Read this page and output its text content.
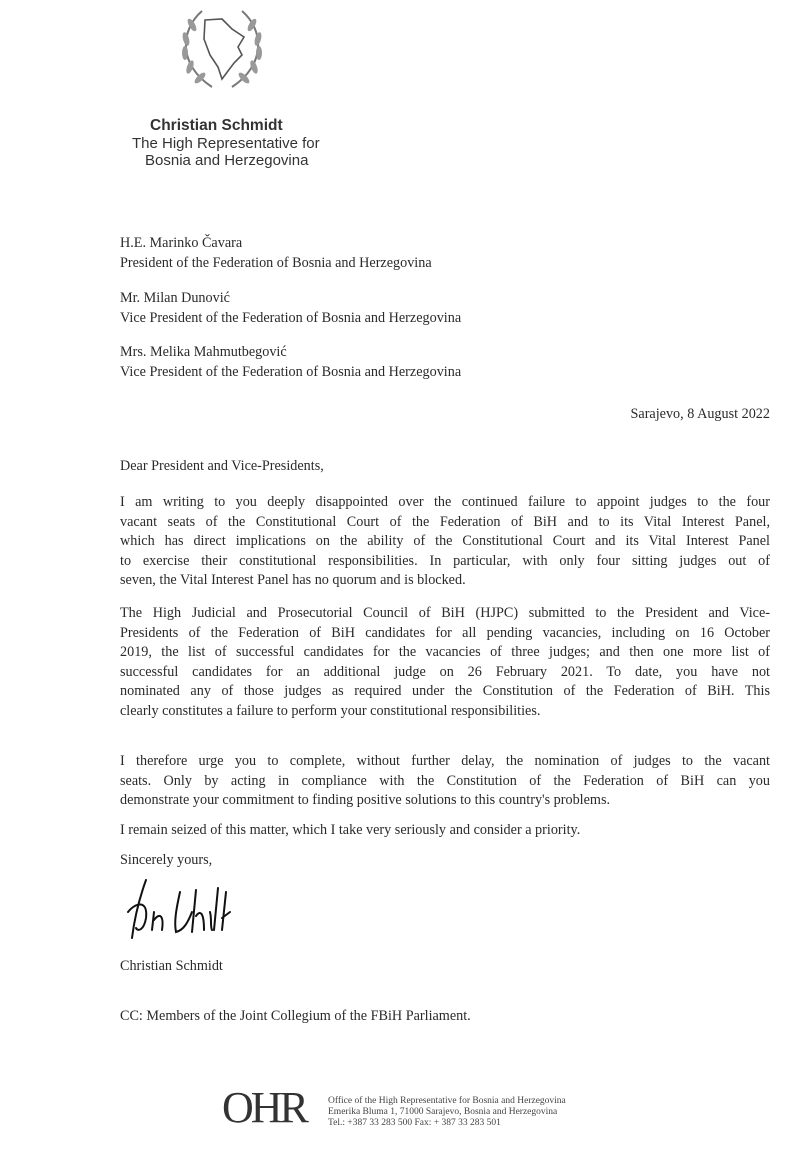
Christian Schmidt
The High Representative for
Bosnia and Herzegovina
H.E. Marinko Čavara
President of the Federation of Bosnia and Herzegovina
Mr. Milan Dunović
Vice President of the Federation of Bosnia and Herzegovina
Mrs. Melika Mahmutbegović
Vice President of the Federation of Bosnia and Herzegovina
Sarajevo, 8 August 2022
Dear President and Vice-Presidents,
I am writing to you deeply disappointed over the continued failure to appoint judges to the four
vacant seats of the Constitutional Court of the Federation of BiH and to its Vital Interest Panel,
which has direct implications on the ability of the Constitutional Court and its Vital Interest Panel
to exercise their constitutional responsibilities. In particular, with only four sitting judges out of
seven, the Vital Interest Panel has no quorum and is blocked.
The High Judicial and Prosecutorial Council of BiH (HJPC) submitted to the President and Vice-
Presidents of the Federation of BiH candidates for all pending vacancies, including on 16 October
2019, the list of successful candidates for the vacancies of three judges; and then one more list of
successful candidates for an additional judge on 26 February 2021. To date, you have not
nominated any of those judges as required under the Constitution of the Federation of BiH. This
clearly constitutes a failure to perform your constitutional responsibilities.
I therefore urge you to complete, without further delay, the nomination of judges to the vacant
seats. Only by acting in compliance with the Constitution of the Federation of BiH can you
demonstrate your commitment to finding positive solutions to this country's problems.
I remain seized of this matter, which I take very seriously and consider a priority.
Sincerely yours,
Christian Schmidt
CC: Members of the Joint Collegium of the FBiH Parliament.
OHR Office of the High Representative for Bosnia and Herzegovina
Emerika Bluma 1, 71000 Sarajevo, Bosnia and Herzegovina
Tel.: +387 33 283 500 Fax: + 387 33 283 501
